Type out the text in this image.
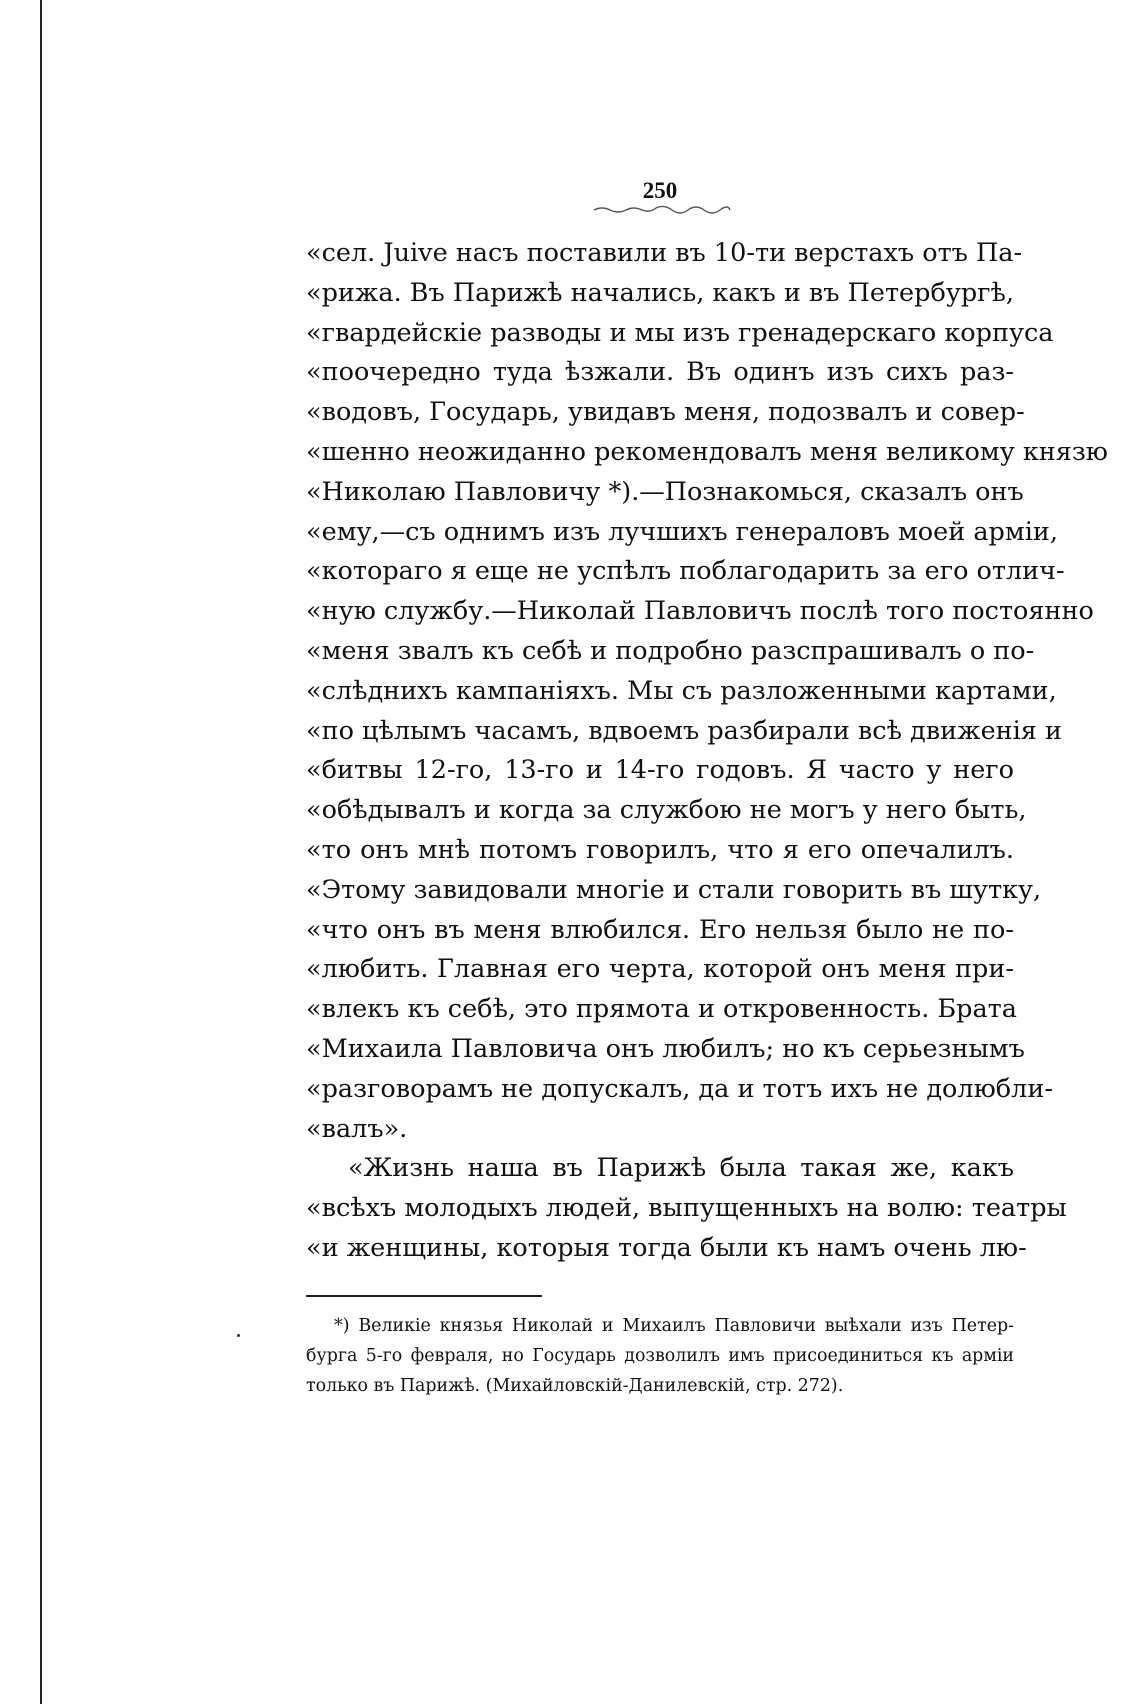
250
«сел. Juive насъ поставили въ 10-ти верстахъ отъ Па-
«рижа. Въ Парижѣ начались, какъ и въ Петербургѣ,
«гвардейскіе разводы и мы изъ гренадерскаго корпуса
«поочередно туда ѣзжали. Въ одинъ изъ сихъ раз-
«водовъ, Государь, увидавъ меня, подозвалъ и совер-
«шенно неожиданно рекомендовалъ меня великому князю
«Николаю Павловичу *).—Познакомься, сказалъ онъ
«ему,—съ однимъ изъ лучшихъ генераловъ моей арміи,
«котораго я еще не успѣлъ поблагодарить за его отлич-
«ную службу.—Николай Павловичъ послѣ того постоянно
«меня звалъ къ себѣ и подробно разспрашивалъ о по-
«слѣднихъ кампаніяхъ. Мы съ разложенными картами,
«по цѣлымъ часамъ, вдвоемъ разбирали всѣ движенія и
«битвы 12-го, 13-го и 14-го годовъ. Я часто у него
«обѣдывалъ и когда за службою не могъ у него быть,
«то онъ мнѣ потомъ говорилъ, что я его опечалилъ.
«Этому завидовали многіе и стали говорить въ шутку,
«что онъ въ меня влюбился. Его нельзя было не по-
«любить. Главная его черта, которой онъ меня при-
«влекъ къ себѣ, это прямота и откровенность. Брата
«Михаила Павловича онъ любилъ; но къ серьезнымъ
«разговорамъ не допускалъ, да и тотъ ихъ не долюбли-
«валъ».
«Жизнь наша въ Парижѣ была такая же, какъ
«всѣхъ молодыхъ людей, выпущенныхъ на волю: театры
«и женщины, которыя тогда были къ намъ очень лю-
*) Великіе князья Николай и Михаилъ Павловичи выѣхали изъ Петер-
бурга 5-го февраля, но Государь дозволилъ имъ присоединиться къ арміи
только въ Парижѣ. (Михайловскій-Данилевскій, стр. 272).
